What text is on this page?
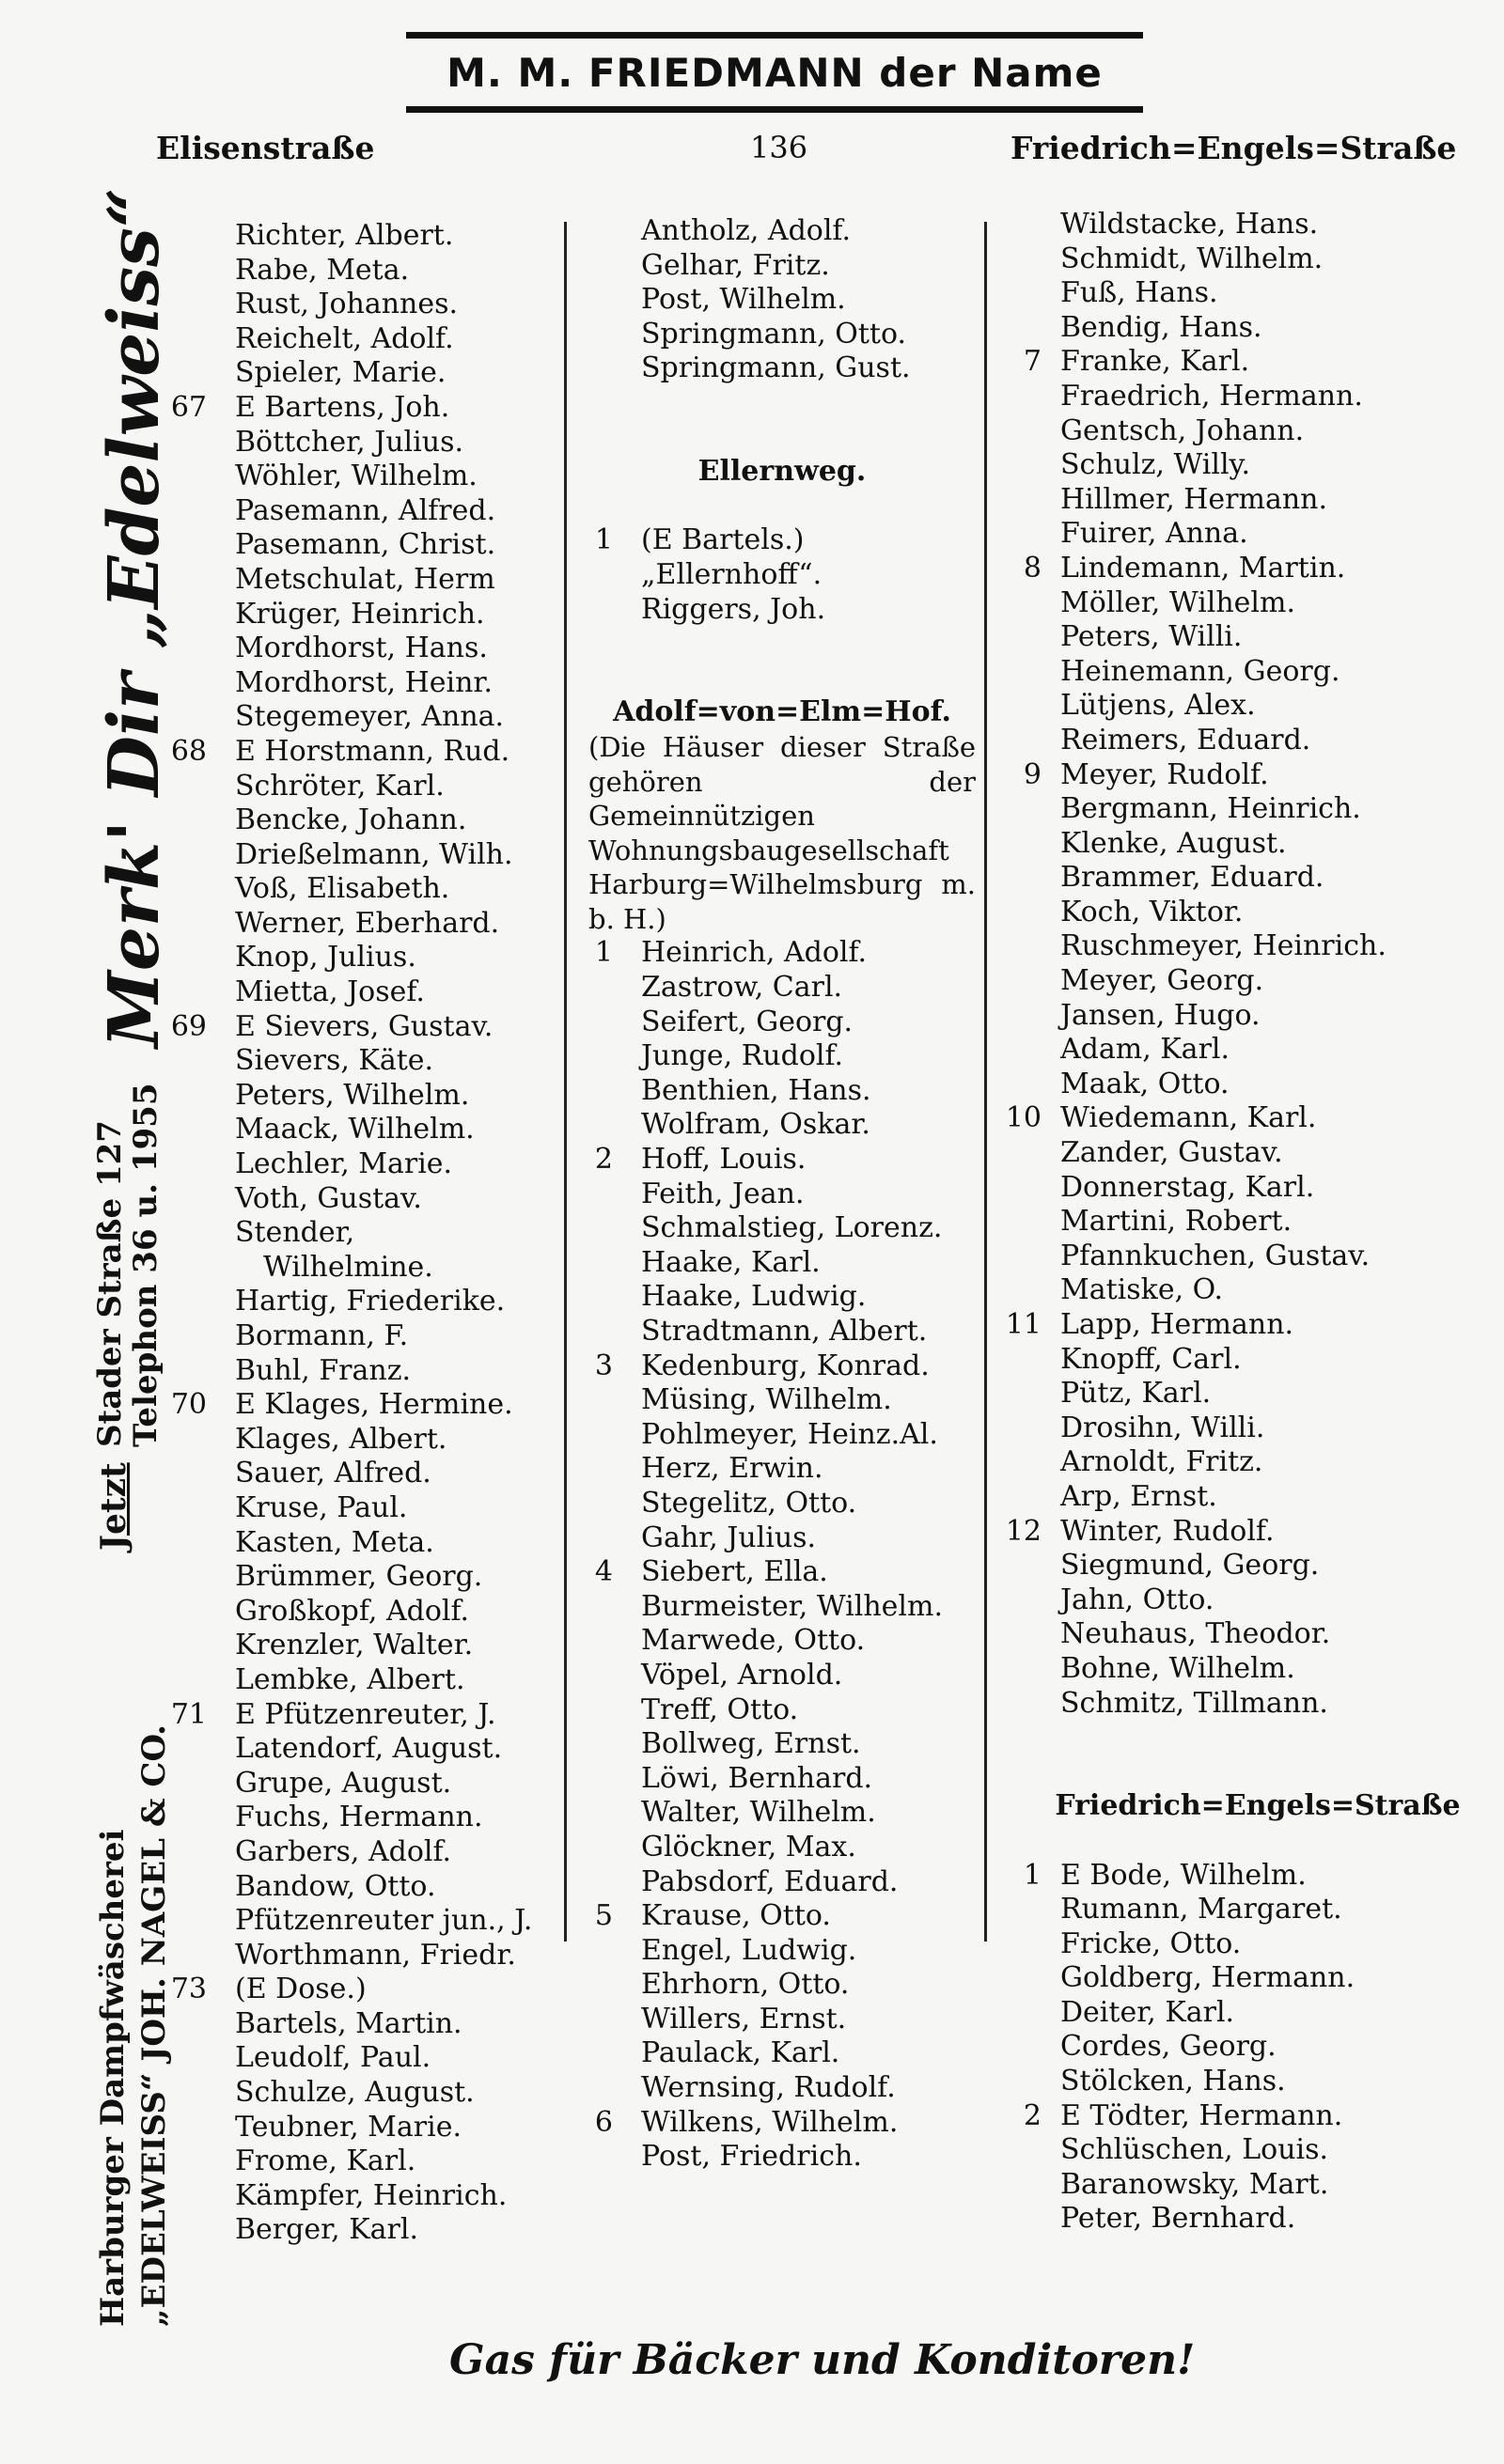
M. M. FRIEDMANN der Name
Elisenstraße	136	Friedrich=Engels=Straße
Merk' Dir „Edelweiss“
Stader Straße 127
Telephon 36 u. 1955
Jetzt
Harburger Dampfwäscherei „EDELWEISS“ JOH. NAGEL & CO.
Richter, Albert.
Rabe, Meta.
Rust, Johannes.
Reichelt, Adolf.
Spieler, Marie.
67 E Bartens, Joh.
Böttcher, Julius.
Wöhler, Wilhelm.
Pasemann, Alfred.
Pasemann, Christ.
Metschulat, Herm
Krüger, Heinrich.
Mordhorst, Hans.
Mordhorst, Heinr.
Stegemeyer, Anna.
68 E Horstmann, Rud.
Schröter, Karl.
Bencke, Johann.
Drießelmann, Wilh.
Voß, Elisabeth.
Werner, Eberhard.
Knop, Julius.
Mietta, Josef.
69 E Sievers, Gustav.
Sievers, Käte.
Peters, Wilhelm.
Maack, Wilhelm.
Lechler, Marie.
Voth, Gustav.
Stender,
Wilhelmine.
Hartig, Friederike.
Bormann, F.
Buhl, Franz.
70 E Klages, Hermine.
Klages, Albert.
Sauer, Alfred.
Kruse, Paul.
Kasten, Meta.
Brümmer, Georg.
Großkopf, Adolf.
Krenzler, Walter.
Lembke, Albert.
71 E Pfützenreuter, J.
Latendorf, August.
Grupe, August.
Fuchs, Hermann.
Garbers, Adolf.
Bandow, Otto.
Pfützenreuter jun., J.
Worthmann, Friedr.
73 (E Dose.)
Bartels, Martin.
Leudolf, Paul.
Schulze, August.
Teubner, Marie.
Frome, Karl.
Kämpfer, Heinrich.
Berger, Karl.
Antholz, Adolf.
Gelhar, Fritz.
Post, Wilhelm.
Springmann, Otto.
Springmann, Gust.
Ellernweg.
1 (E Bartels.)
„Ellernhoff“.
Riggers, Joh.
Adolf=von=Elm=Hof.
(Die Häuser dieser Straße gehören der Gemeinnützigen Wohnungsbaugesellschaft Harburg=Wilhelmsburg m. b. H.)
1 Heinrich, Adolf.
Zastrow, Carl.
Seifert, Georg.
Junge, Rudolf.
Benthien, Hans.
Wolfram, Oskar.
2 Hoff, Louis.
Feith, Jean.
Schmalstieg, Lorenz.
Haake, Karl.
Haake, Ludwig.
Stradtmann, Albert.
3 Kedenburg, Konrad.
Müsing, Wilhelm.
Pohlmeyer, Heinz.Al.
Herz, Erwin.
Stegelitz, Otto.
Gahr, Julius.
4 Siebert, Ella.
Burmeister, Wilhelm.
Marwede, Otto.
Vöpel, Arnold.
Treff, Otto.
Bollweg, Ernst.
Löwi, Bernhard.
Walter, Wilhelm.
Glöckner, Max.
Pabsdorf, Eduard.
5 Krause, Otto.
Engel, Ludwig.
Ehrhorn, Otto.
Willers, Ernst.
Paulack, Karl.
Wernsing, Rudolf.
6 Wilkens, Wilhelm.
Post, Friedrich.
Wildstacke, Hans.
Schmidt, Wilhelm.
Fuß, Hans.
Bendig, Hans.
7 Franke, Karl.
Fraedrich, Hermann.
Gentsch, Johann.
Schulz, Willy.
Hillmer, Hermann.
Fuirer, Anna.
8 Lindemann, Martin.
Möller, Wilhelm.
Peters, Willi.
Heinemann, Georg.
Lütjens, Alex.
Reimers, Eduard.
9 Meyer, Rudolf.
Bergmann, Heinrich.
Klenke, August.
Brammer, Eduard.
Koch, Viktor.
Ruschmeyer, Heinrich.
Meyer, Georg.
Jansen, Hugo.
Adam, Karl.
Maak, Otto.
10 Wiedemann, Karl.
Zander, Gustav.
Donnerstag, Karl.
Martini, Robert.
Pfannkuchen, Gustav.
Matiske, O.
11 Lapp, Hermann.
Knopff, Carl.
Pütz, Karl.
Drosihn, Willi.
Arnoldt, Fritz.
Arp, Ernst.
12 Winter, Rudolf.
Siegmund, Georg.
Jahn, Otto.
Neuhaus, Theodor.
Bohne, Wilhelm.
Schmitz, Tillmann.
Friedrich=Engels=Straße
1 E Bode, Wilhelm.
Rumann, Margaret.
Fricke, Otto.
Goldberg, Hermann.
Deiter, Karl.
Cordes, Georg.
Stölcken, Hans.
2 E Tödter, Hermann.
Schlüschen, Louis.
Baranowsky, Mart.
Peter, Bernhard.
Gas für Bäcker und Konditoren!
